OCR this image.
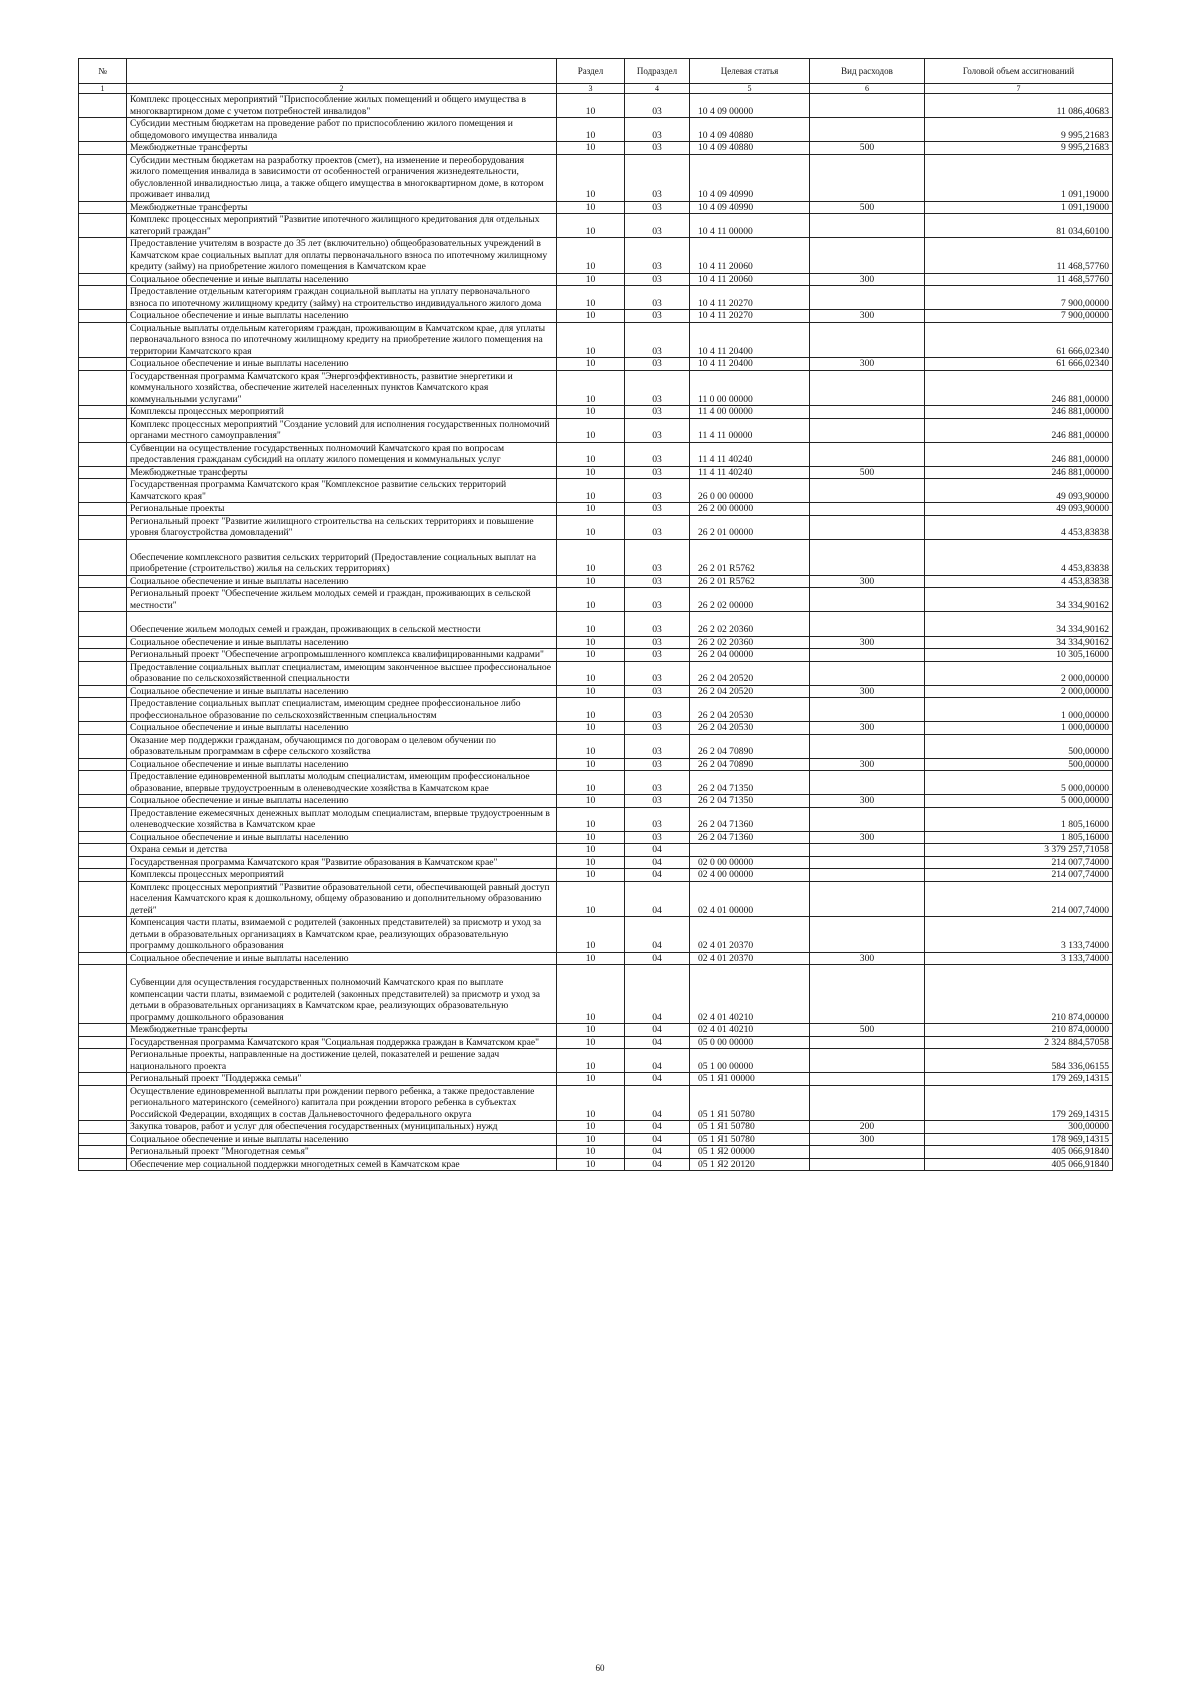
№		Раздел	Подраздел	Целевая статья	Вид расходов	Головой объем ассигнований
1	2	3	4	5	6	7
	Комплекс процессных мероприятий "Приспособление жилых помещений и общего имущества в многоквартирном доме с учетом потребностей инвалидов"	10	03	10 4 09 00000		11 086,40683
	Субсидии местным бюджетам на проведение работ по приспособлению жилого помещения и общедомового имущества инвалида	10	03	10 4 09 40880		9 995,21683
	Межбюджетные трансферты	10	03	10 4 09 40880	500	9 995,21683
	Субсидии местным бюджетам на разработку проектов (смет), на изменение и переоборудования жилого помещения инвалида в зависимости от особенностей ограничения жизнедеятельности, обусловленной инвалидностью лица, а также общего имущества в многоквартирном доме, в котором проживает инвалид	10	03	10 4 09 40990		1 091,19000
	Межбюджетные трансферты	10	03	10 4 09 40990	500	1 091,19000
	Комплекс процессных мероприятий "Развитие ипотечного жилищного кредитования для отдельных категорий граждан"	10	03	10 4 11 00000		81 034,60100
	Предоставление учителям в возрасте до 35 лет (включительно) общеобразовательных учреждений в Камчатском крае социальных выплат для оплаты первоначального взноса по ипотечному жилищному кредиту (займу) на приобретение жилого помещения в Камчатском крае	10	03	10 4 11 20060		11 468,57760
	Социальное обеспечение и иные выплаты населению	10	03	10 4 11 20060	300	11 468,57760
	Предоставление отдельным категориям граждан социальной выплаты на уплату первоначального взноса по ипотечному жилищному кредиту (займу) на строительство индивидуального жилого дома	10	03	10 4 11 20270		7 900,00000
	Социальное обеспечение и иные выплаты населению	10	03	10 4 11 20270	300	7 900,00000
	Социальные выплаты отдельным категориям граждан, проживающим в Камчатском крае, для уплаты первоначального взноса по ипотечному жилищному кредиту на приобретение жилого помещения на территории Камчатского края	10	03	10 4 11 20400		61 666,02340
	Социальное обеспечение и иные выплаты населению	10	03	10 4 11 20400	300	61 666,02340
	Государственная программа Камчатского края "Энергоэффективность, развитие энергетики и коммунального хозяйства, обеспечение жителей населенных пунктов Камчатского края коммунальными услугами"	10	03	11 0 00 00000		246 881,00000
	Комплексы процессных мероприятий	10	03	11 4 00 00000		246 881,00000
	Комплекс процессных мероприятий "Создание условий для исполнения государственных полномочий органами местного самоуправления"	10	03	11 4 11 00000		246 881,00000
	Субвенции на осуществление государственных полномочий Камчатского края по вопросам предоставления гражданам субсидий на оплату жилого помещения и коммунальных услуг	10	03	11 4 11 40240		246 881,00000
	Межбюджетные трансферты	10	03	11 4 11 40240	500	246 881,00000
	Государственная программа Камчатского края "Комплексное развитие сельских территорий Камчатского края"	10	03	26 0 00 00000		49 093,90000
	Региональные проекты	10	03	26 2 00 00000		49 093,90000
	Региональный проект "Развитие жилищного строительства на сельских территориях и повышение уровня благоустройства домовладений"	10	03	26 2 01 00000		4 453,83838
	Обеспечение комплексного развития сельских территорий (Предоставление социальных выплат на приобретение (строительство) жилья на сельских территориях)	10	03	26 2 01 R5762		4 453,83838
	Социальное обеспечение и иные выплаты населению	10	03	26 2 01 R5762	300	4 453,83838
	Региональный проект "Обеспечение жильем молодых семей и граждан, проживающих в сельской местности"	10	03	26 2 02 00000		34 334,90162
	Обеспечение жильем молодых семей и граждан, проживающих в сельской местности	10	03	26 2 02 20360		34 334,90162
	Социальное обеспечение и иные выплаты населению	10	03	26 2 02 20360	300	34 334,90162
	Региональный проект "Обеспечение агропромышленного комплекса квалифицированными кадрами"	10	03	26 2 04 00000		10 305,16000
	Предоставление социальных выплат специалистам, имеющим законченное высшее профессиональное образование по сельскохозяйственной специальности	10	03	26 2 04 20520		2 000,00000
	Социальное обеспечение и иные выплаты населению	10	03	26 2 04 20520	300	2 000,00000
	Предоставление социальных выплат специалистам, имеющим среднее профессиональное либо профессиональное образование по сельскохозяйственным специальностям	10	03	26 2 04 20530		1 000,00000
	Социальное обеспечение и иные выплаты населению	10	03	26 2 04 20530	300	1 000,00000
	Оказание мер поддержки гражданам, обучающимся по договорам о целевом обучении по образовательным программам в сфере сельского хозяйства	10	03	26 2 04 70890		500,00000
	Социальное обеспечение и иные выплаты населению	10	03	26 2 04 70890	300	500,00000
	Предоставление единовременной выплаты молодым специалистам, имеющим профессиональное образование, впервые трудоустроенным в оленеводческие хозяйства в Камчатском крае	10	03	26 2 04 71350		5 000,00000
	Социальное обеспечение и иные выплаты населению	10	03	26 2 04 71350	300	5 000,00000
	Предоставление ежемесячных денежных выплат молодым специалистам, впервые трудоустроенным в оленеводческие хозяйства в Камчатском крае	10	03	26 2 04 71360		1 805,16000
	Социальное обеспечение и иные выплаты населению	10	03	26 2 04 71360	300	1 805,16000
	Охрана семьи и детства	10	04			3 379 257,71058
	Государственная программа Камчатского края "Развитие образования в Камчатском крае"	10	04	02 0 00 00000		214 007,74000
	Комплексы процессных мероприятий	10	04	02 4 00 00000		214 007,74000
	Комплекс процессных мероприятий "Развитие образовательной сети, обеспечивающей равный доступ населения Камчатского края к дошкольному, общему образованию и дополнительному образованию детей"	10	04	02 4 01 00000		214 007,74000
	Компенсация части платы, взимаемой с родителей (законных представителей) за присмотр и уход за детьми в образовательных организациях в Камчатском крае, реализующих образовательную программу дошкольного образования	10	04	02 4 01 20370		3 133,74000
	Социальное обеспечение и иные выплаты населению	10	04	02 4 01 20370	300	3 133,74000
	Субвенции для осуществления государственных полномочий Камчатского края по выплате компенсации части платы, взимаемой с родителей (законных представителей) за присмотр и уход за детьми в образовательных организациях в Камчатском крае, реализующих образовательную программу дошкольного образования	10	04	02 4 01 40210		210 874,00000
	Межбюджетные трансферты	10	04	02 4 01 40210	500	210 874,00000
	Государственная программа Камчатского края "Социальная поддержка граждан в Камчатском крае"	10	04	05 0 00 00000		2 324 884,57058
	Региональные проекты, направленные на достижение целей, показателей и решение задач национального проекта	10	04	05 1 00 00000		584 336,06155
	Региональный проект "Поддержка семьи"	10	04	05 1 Я1 00000		179 269,14315
	Осуществление единовременной выплаты при рождении первого ребенка, а также предоставление регионального материнского (семейного) капитала при рождении второго ребенка в субъектах Российской Федерации, входящих в состав Дальневосточного федерального округа	10	04	05 1 Я1 50780		179 269,14315
	Закупка товаров, работ и услуг для обеспечения государственных (муниципальных) нужд	10	04	05 1 Я1 50780	200	300,00000
	Социальное обеспечение и иные выплаты населению	10	04	05 1 Я1 50780	300	178 969,14315
	Региональный проект "Многодетная семья"	10	04	05 1 Я2 00000		405 066,91840
	Обеспечение мер социальной поддержки многодетных семей в Камчатском крае	10	04	05 1 Я2 20120		405 066,91840
60
